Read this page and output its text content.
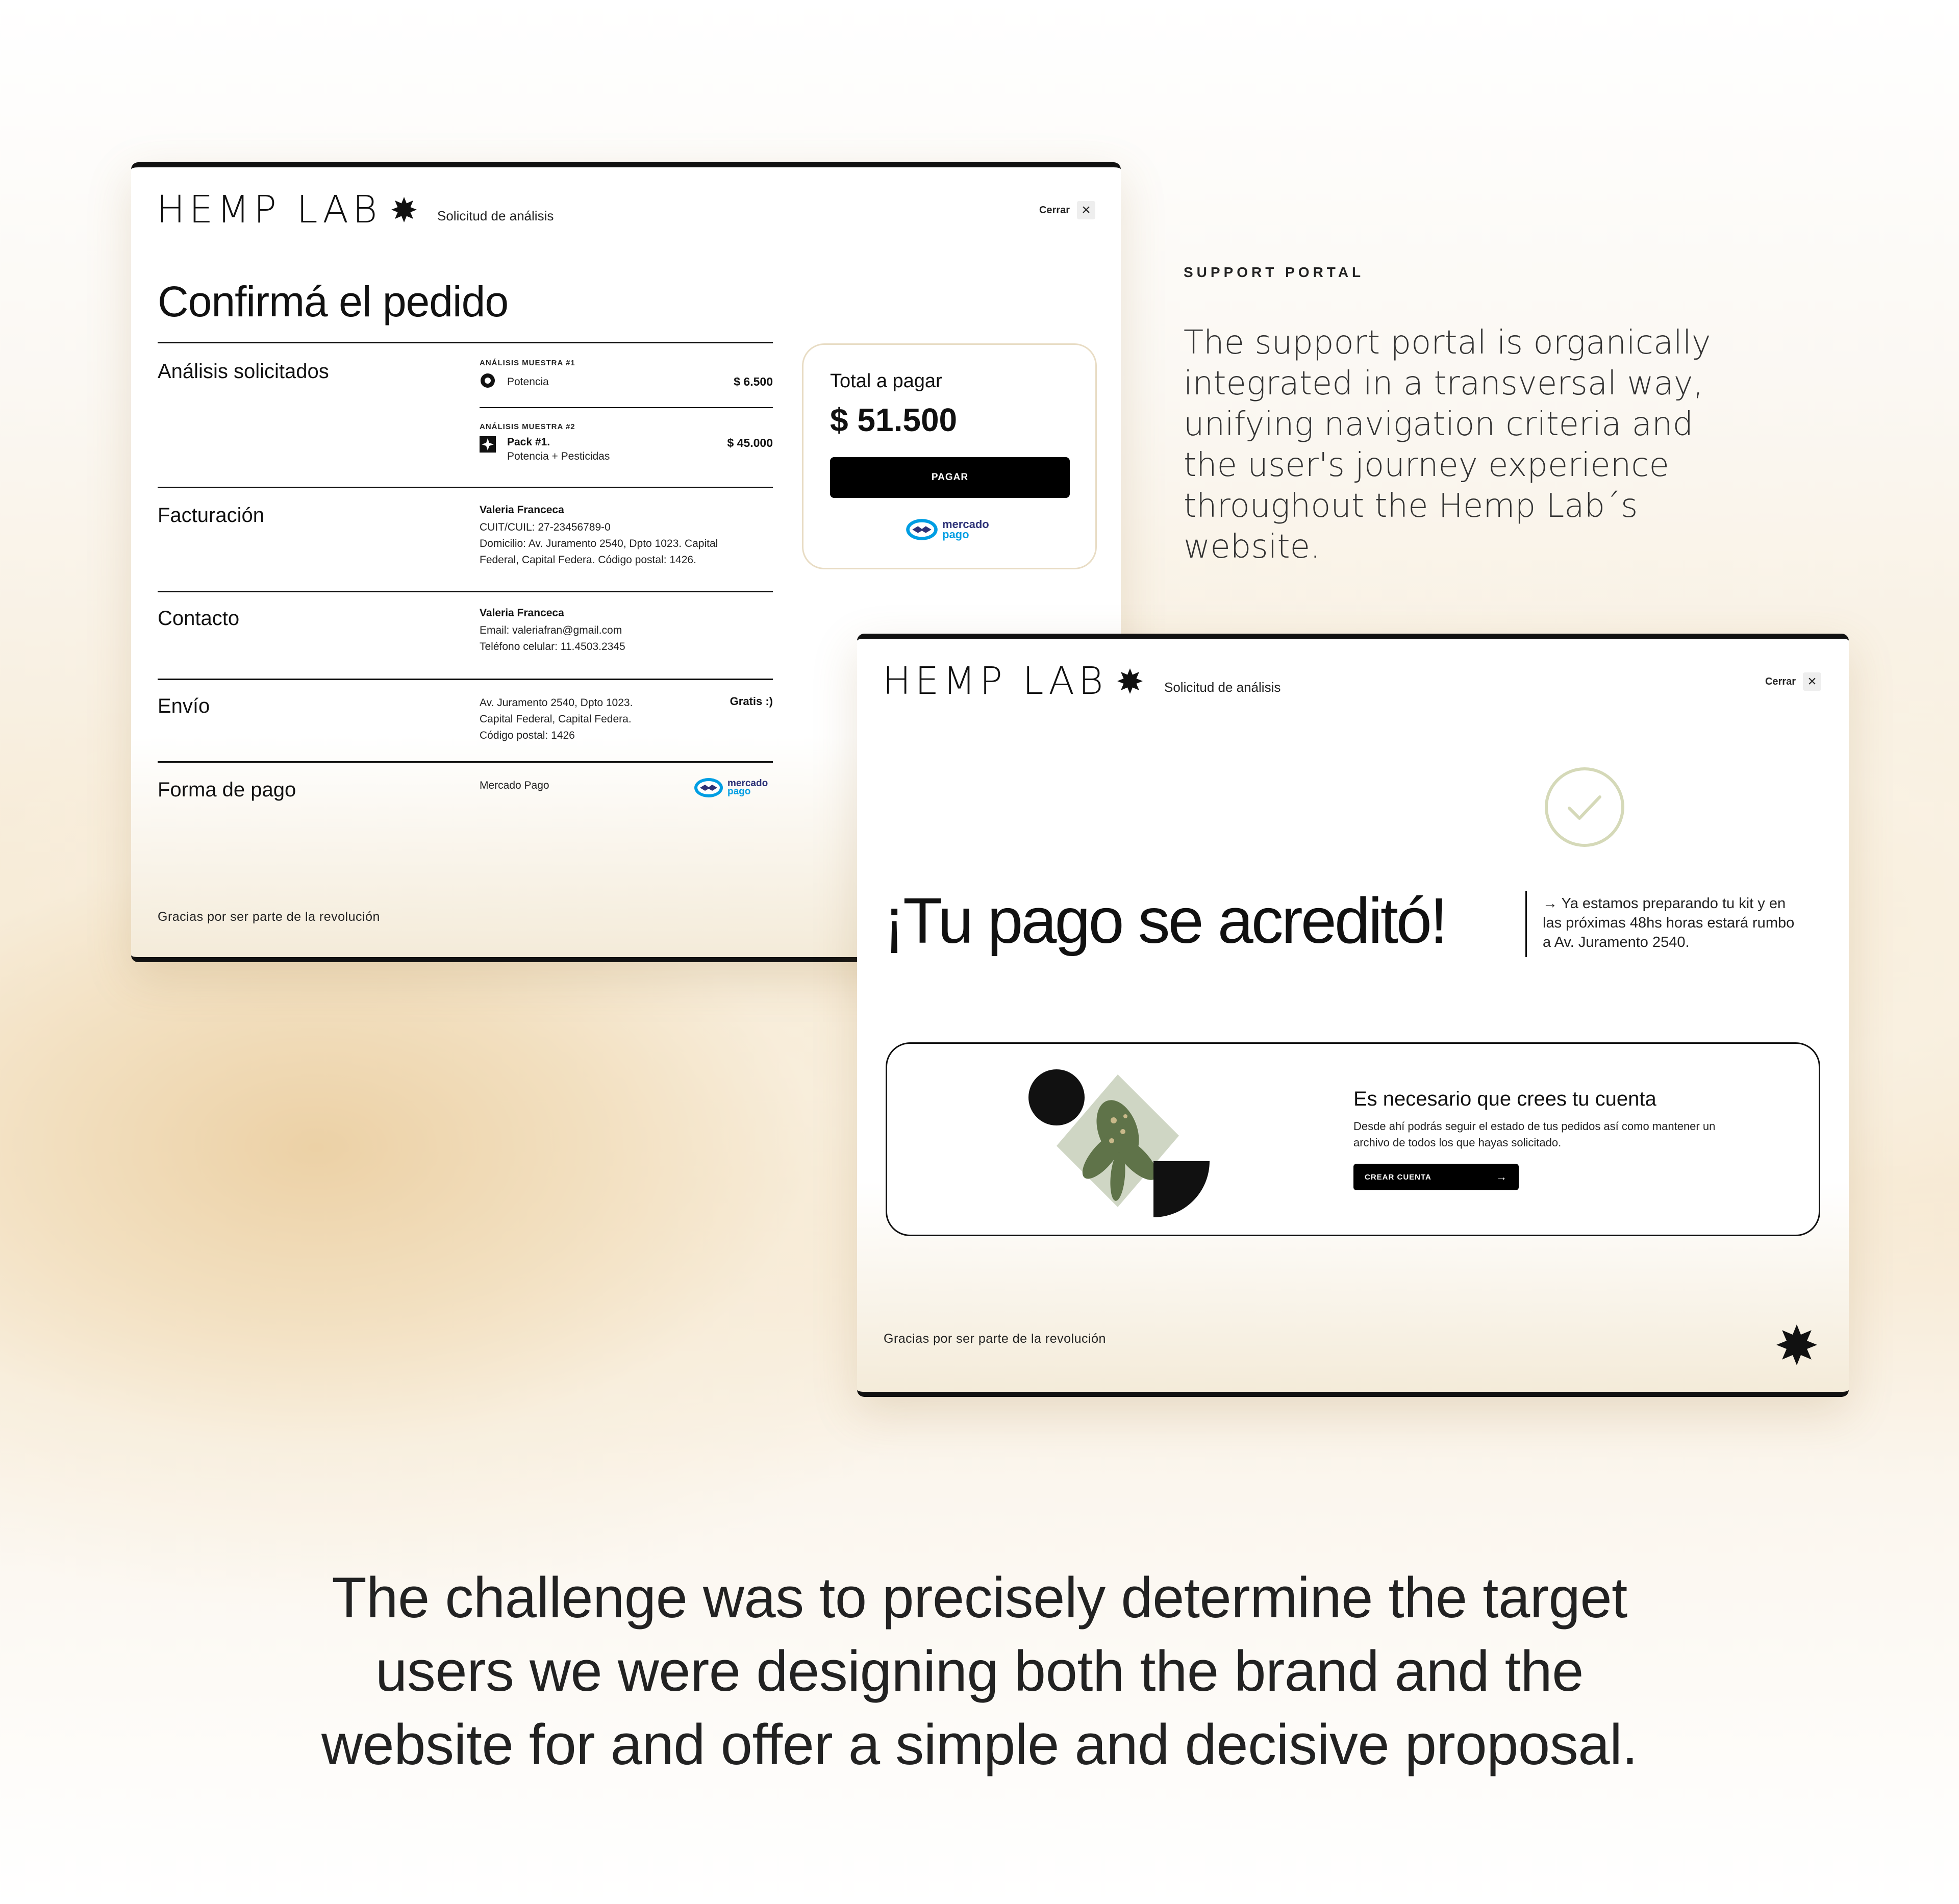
HEMP LAB	Solicitud de análisis	Cerrar ×
Confirmá el pedido
Análisis solicitados	ANÁLISIS MUESTRA #1
Potencia	$ 6.500
ANÁLISIS MUESTRA #2
Pack #1.
Potencia + Pesticidas
$ 45.000
Facturación	Valeria Franceca
CUIT/CUIL: 27-23456789-0
Domicilio: Av. Juramento 2540, Dpto 1023. Capital
Federal, Capital Federa. Código postal: 1426.
Contacto	Valeria Franceca
Email: valeriafran@gmail.com
Teléfono celular: 11.4503.2345
Envío	Av. Juramento 2540, Dpto 1023.
Capital Federal, Capital Federa.
Código postal: 1426
Gratis :)
Forma de pago	Mercado Pago	mercado
pago
Total a pagar
$ 51.500
PAGAR
mercado
pago
Gracias por ser parte de la revolución
SUPPORT PORTAL
The support portal is organically
integrated in a transversal way,
unifying navigation criteria and
the user's journey experience
throughout the Hemp Lab´s
website.
HEMP LAB	Solicitud de análisis	Cerrar ×
¡Tu pago se acreditó!	→ Ya estamos preparando tu kit y en
las próximas 48hs horas estará rumbo
a Av. Juramento 2540.
Es necesario que crees tu cuenta
Desde ahí podrás seguir el estado de tus pedidos así como mantener un
archivo de todos los que hayas solicitado.
CREAR CUENTA	→
Gracias por ser parte de la revolución
The challenge was to precisely determine the target
users we were designing both the brand and the
website for and offer a simple and decisive proposal.
